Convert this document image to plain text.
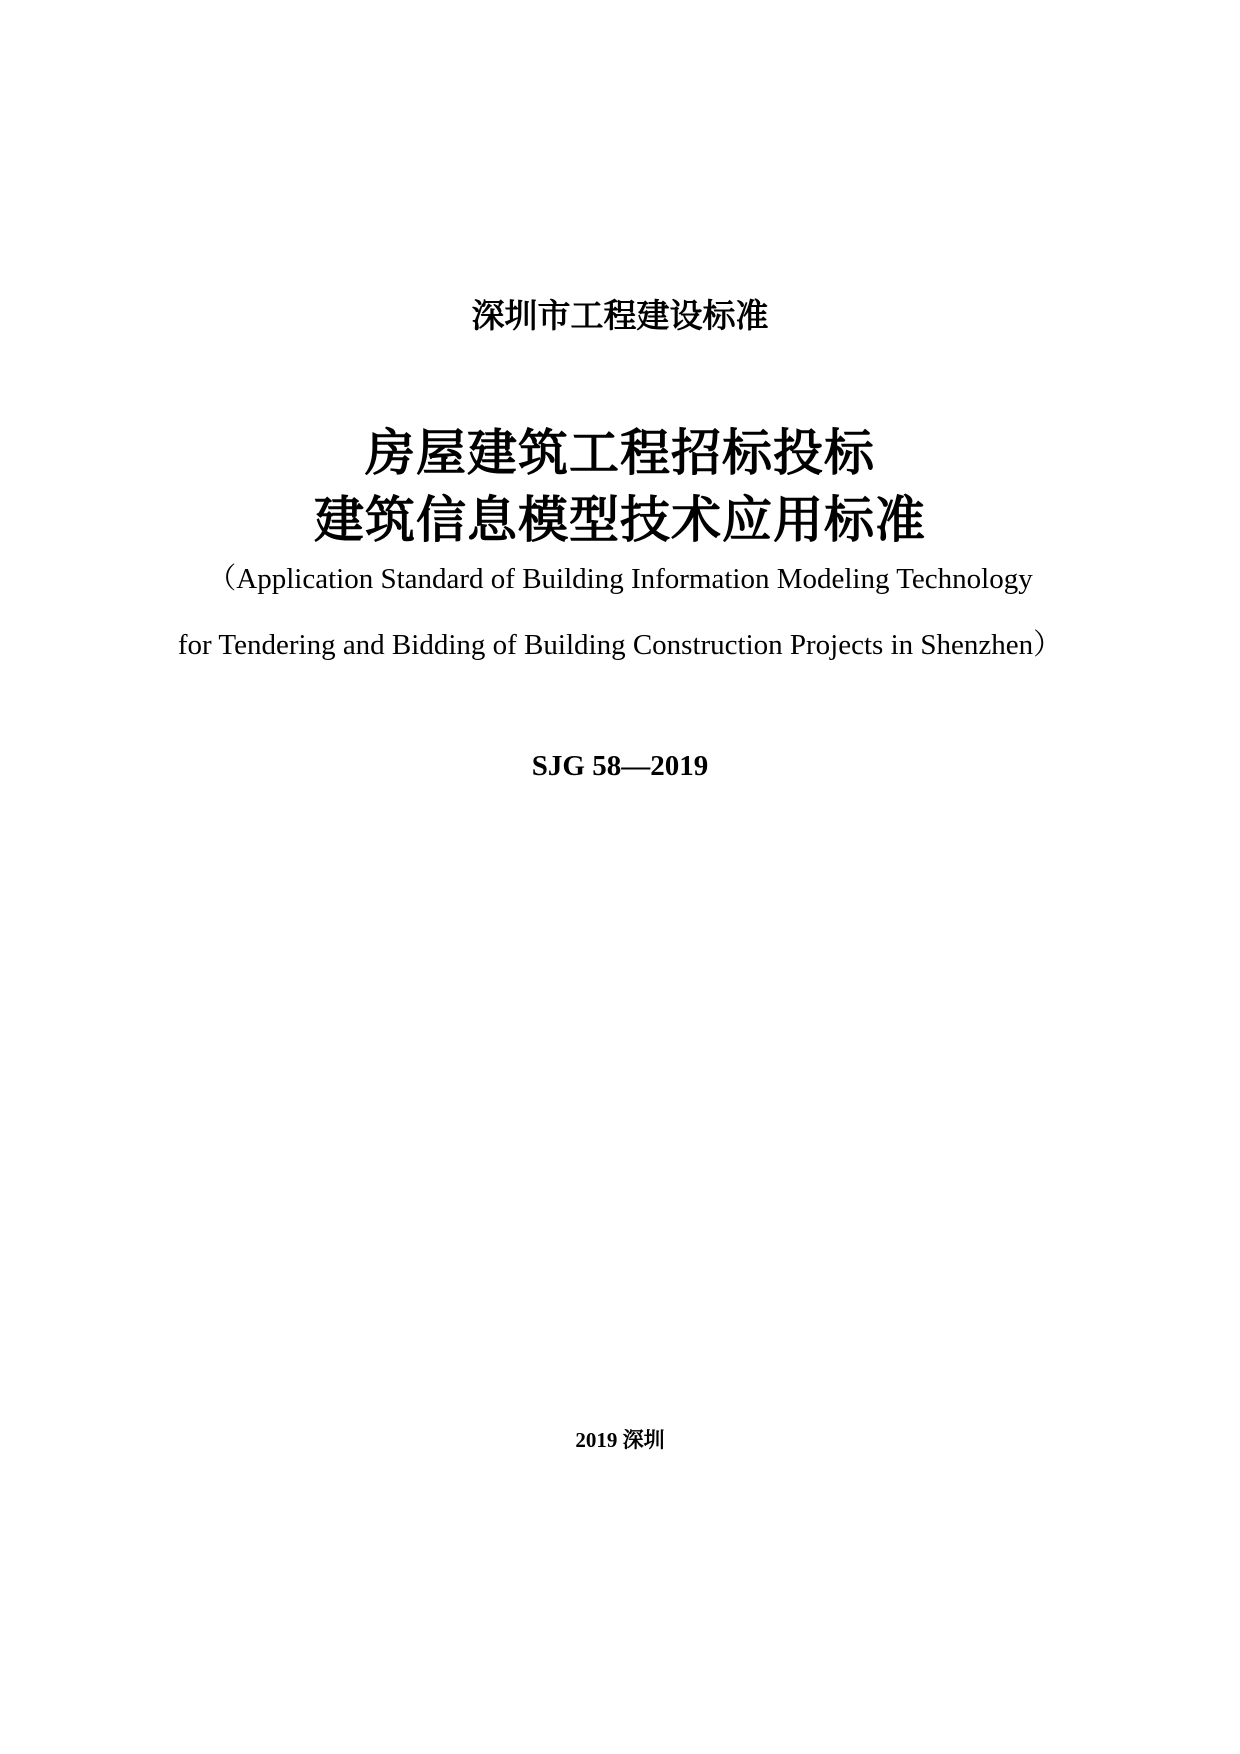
深圳市工程建设标准
房屋建筑工程招标投标
建筑信息模型技术应用标准

（Application Standard of Building Information Modeling Technology

for Tendering and Bidding of Building Construction Projects in Shenzhen）

SJG 58—2019

2019 深圳
